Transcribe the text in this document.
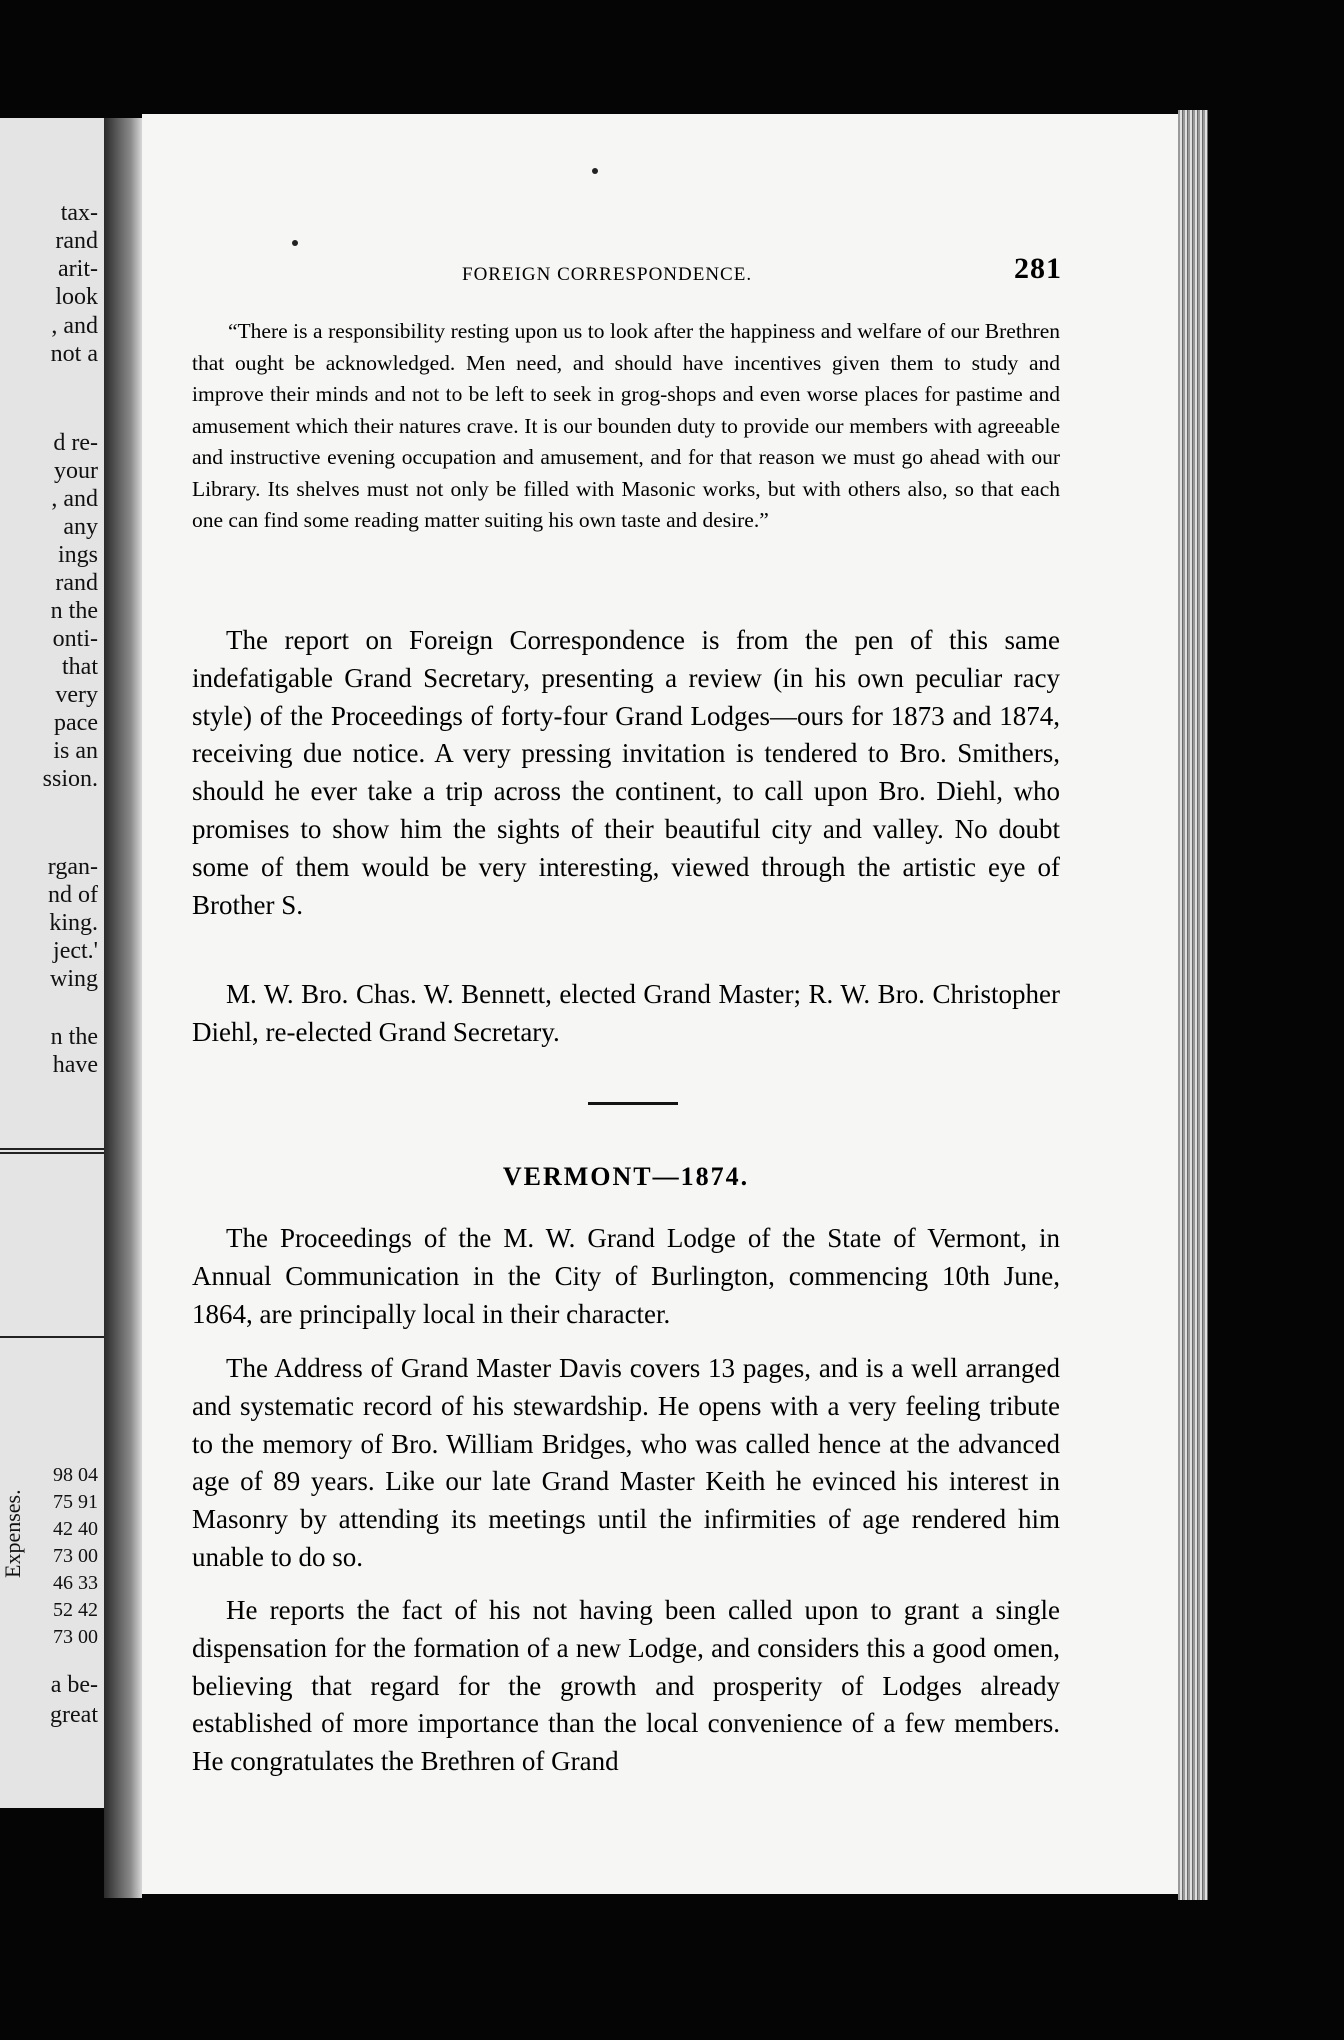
Expenses.
tax-
rand
arit-
look
, and
not a
d re-
your
, and
any
ings
rand
n the
onti-
that
very
pace
is an
ssion.
rgan-
nd of
king.
ject.'
wing
n the
have
98 04
75 91
42 40
73 00
46 33
52 42
73 00
a be-
great
FOREIGN CORRESPONDENCE.	281

“There is a responsibility resting upon us to look after the happiness and welfare of our Brethren that ought be acknowledged. Men need, and should have incentives given them to study and improve their minds and not to be left to seek in grog-shops and even worse places for pastime and amusement which their natures crave. It is our bounden duty to provide our members with agreeable and instructive evening occupation and amusement, and for that reason we must go ahead with our Library. Its shelves must not only be filled with Masonic works, but with others also, so that each one can find some reading matter suiting his own taste and desire.”

The report on Foreign Correspondence is from the pen of this same indefatigable Grand Secretary, presenting a review (in his own peculiar racy style) of the Proceedings of forty-four Grand Lodges—ours for 1873 and 1874, receiving due notice. A very pressing invitation is tendered to Bro. Smithers, should he ever take a trip across the continent, to call upon Bro. Diehl, who promises to show him the sights of their beautiful city and valley. No doubt some of them would be very interesting, viewed through the artistic eye of Brother S.

M. W. Bro. Chas. W. Bennett, elected Grand Master; R. W. Bro. Christopher Diehl, re-elected Grand Secretary.

VERMONT—1874.

The Proceedings of the M. W. Grand Lodge of the State of Vermont, in Annual Communication in the City of Burlington, commencing 10th June, 1864, are principally local in their character.

The Address of Grand Master Davis covers 13 pages, and is a well arranged and systematic record of his stewardship. He opens with a very feeling tribute to the memory of Bro. William Bridges, who was called hence at the advanced age of 89 years. Like our late Grand Master Keith he evinced his interest in Masonry by attending its meetings until the infirmities of age rendered him unable to do so.

He reports the fact of his not having been called upon to grant a single dispensation for the formation of a new Lodge, and considers this a good omen, believing that regard for the growth and prosperity of Lodges already established of more importance than the local convenience of a few members. He congratulates the Brethren of Grand
